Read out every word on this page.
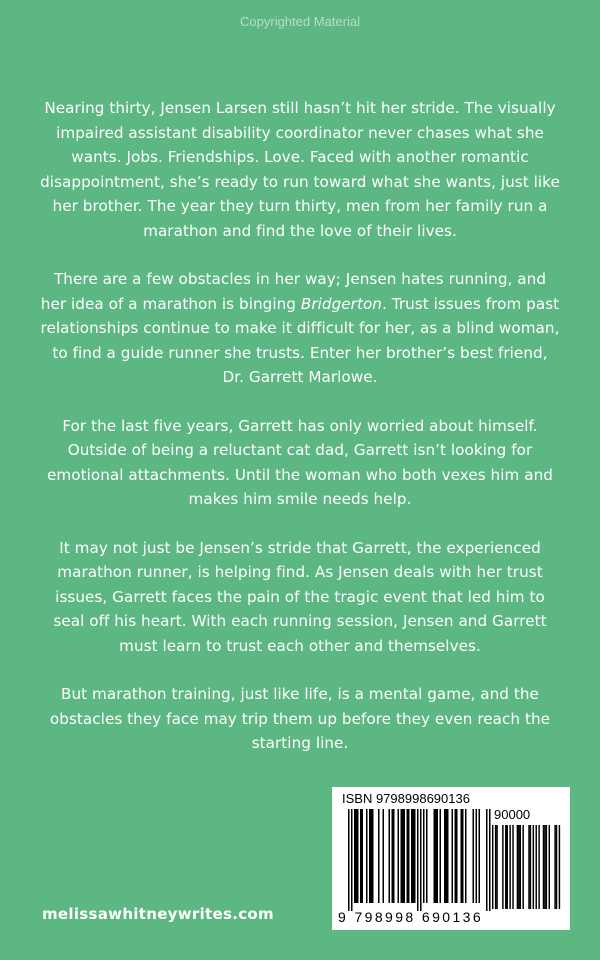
Copyrighted Material

Nearing thirty, Jensen Larsen still hasn’t hit her stride. The visually impaired assistant disability coordinator never chases what she wants. Jobs. Friendships. Love. Faced with another romantic disappointment, she’s ready to run toward what she wants, just like her brother. The year they turn thirty, men from her family run a marathon and find the love of their lives.

There are a few obstacles in her way; Jensen hates running, and her idea of a marathon is binging Bridgerton. Trust issues from past relationships continue to make it difficult for her, as a blind woman, to find a guide runner she trusts. Enter her brother’s best friend, Dr. Garrett Marlowe.

For the last five years, Garrett has only worried about himself. Outside of being a reluctant cat dad, Garrett isn’t looking for emotional attachments. Until the woman who both vexes him and makes him smile needs help.

It may not just be Jensen’s stride that Garrett, the experienced marathon runner, is helping find. As Jensen deals with her trust issues, Garrett faces the pain of the tragic event that led him to seal off his heart. With each running session, Jensen and Garrett must learn to trust each other and themselves.

But marathon training, just like life, is a mental game, and the obstacles they face may trip them up before they even reach the starting line.

melissawhitneywrites.com
ISBN 9798998690136
90000
9 798998 690136
